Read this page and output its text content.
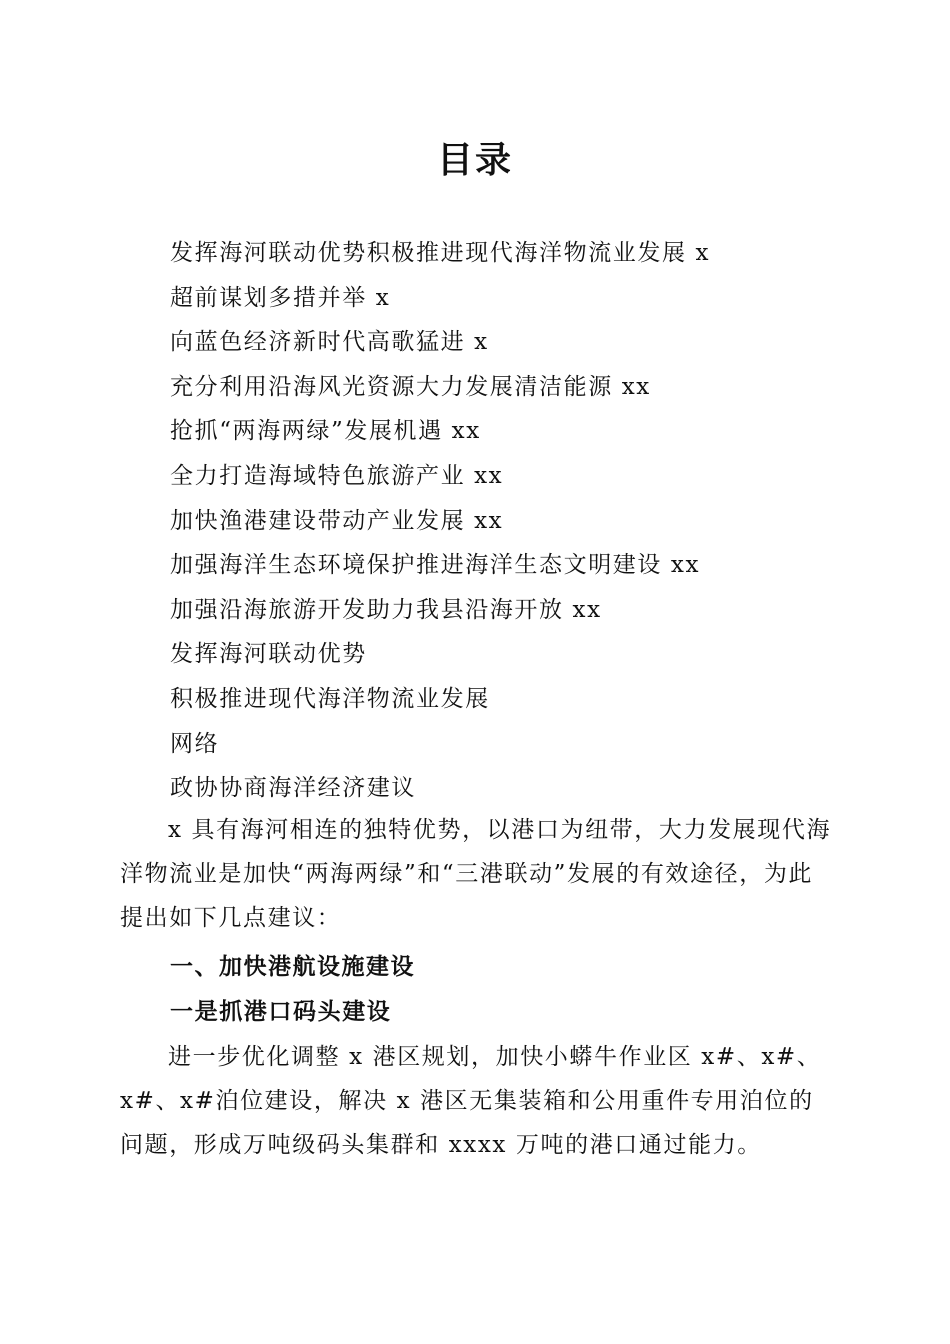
目录
发挥海河联动优势积极推进现代海洋物流业发展 x
超前谋划多措并举 x
向蓝色经济新时代高歌猛进 x
充分利用沿海风光资源大力发展清洁能源 xx
抢抓“两海两绿”发展机遇 xx
全力打造海域特色旅游产业 xx
加快渔港建设带动产业发展 xx
加强海洋生态环境保护推进海洋生态文明建设 xx
加强沿海旅游开发助力我县沿海开放 xx
发挥海河联动优势
积极推进现代海洋物流业发展
网络
政协协商海洋经济建议

x 具有海河相连的独特优势，以港口为纽带，大力发展现代海洋物流业是加快“两海两绿”和“三港联动”发展的有效途径，为此提出如下几点建议：

一、加快港航设施建设
一是抓港口码头建设

进一步优化调整 x 港区规划，加快小蟒牛作业区 x#、x#、x#、x#泊位建设，解决 x 港区无集装箱和公用重件专用泊位的问题，形成万吨级码头集群和 xxxx 万吨的港口通过能力。
